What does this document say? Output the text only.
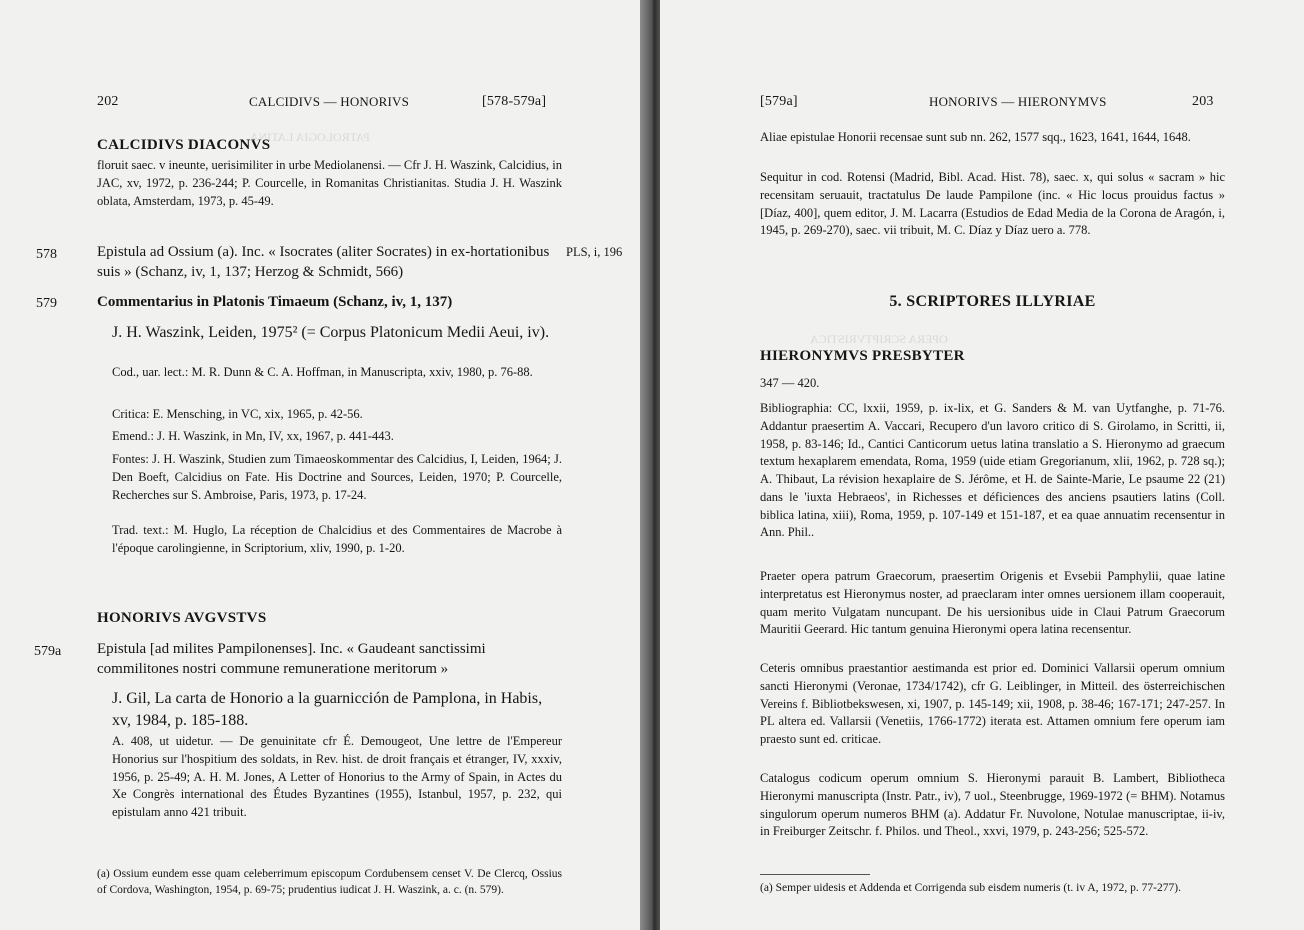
202	CALCIDIVS — HONORIVS	[578-579a]
CALCIDIVS DIACONVS
floruit saec. v ineunte, uerisimiliter in urbe Mediolanensi. — Cfr J. H. Waszink, Calcidius, in JAC, xv, 1972, p. 236-244; P. Courcelle, in Romanitas Christianitas. Studia J. H. Waszink oblata, Amsterdam, 1973, p. 45-49.
578	Epistula ad Ossium (a). Inc. « Isocrates (aliter Socrates) in ex-hortationibus suis » (Schanz, iv, 1, 137; Herzog & Schmidt, 566)
PLS, i, 196
579	Commentarius in Platonis Timaeum (Schanz, iv, 1, 137)
J. H. Waszink, Leiden, 1975² (= Corpus Platonicum Medii Aeui, iv).
Cod., uar. lect.: M. R. Dunn & C. A. Hoffman, in Manuscripta, xxiv, 1980, p. 76-88.
Critica: E. Mensching, in VC, xix, 1965, p. 42-56.
Emend.: J. H. Waszink, in Mn, IV, xx, 1967, p. 441-443.
Fontes: J. H. Waszink, Studien zum Timaeoskommentar des Calcidius, I, Leiden, 1964; J. Den Boeft, Calcidius on Fate. His Doctrine and Sources, Leiden, 1970; P. Courcelle, Recherches sur S. Ambroise, Paris, 1973, p. 17-24.
Trad. text.: M. Huglo, La réception de Chalcidius et des Commentaires de Macrobe à l'époque carolingienne, in Scriptorium, xliv, 1990, p. 1-20.
HONORIVS AVGVSTVS
579a Epistula [ad milites Pampilonenses]. Inc. « Gaudeant sanctissimi commilitones nostri commune remuneratione meritorum »
J. Gil, La carta de Honorio a la guarnicción de Pamplona, in Habis, xv, 1984, p. 185-188.
A. 408, ut uidetur. — De genuinitate cfr É. Demougeot, Une lettre de l'Empereur Honorius sur l'hospitium des soldats, in Rev. hist. de droit français et étranger, IV, xxxiv, 1956, p. 25-49; A. H. M. Jones, A Letter of Honorius to the Army of Spain, in Actes du Xe Congrès international des Études Byzantines (1955), Istanbul, 1957, p. 232, qui epistulam anno 421 tribuit.
(a) Ossium eundem esse quam celeberrimum episcopum Cordubensem censet V. De Clercq, Ossius of Cordova, Washington, 1954, p. 69-75; prudentius iudicat J. H. Waszink, a. c. (n. 579).
PATROLOGIA LATINA
[579a]	HONORIVS — HIERONYMVS	203
Aliae epistulae Honorii recensae sunt sub nn. 262, 1577 sqq., 1623, 1641, 1644, 1648.
Sequitur in cod. Rotensi (Madrid, Bibl. Acad. Hist. 78), saec. x, qui solus « sacram » hic recensitam seruauit, tractatulus De laude Pampilone (inc. « Hic locus prouidus factus » [Díaz, 400], quem editor, J. M. Lacarra (Estudios de Edad Media de la Corona de Aragón, i, 1945, p. 269-270), saec. vii tribuit, M. C. Díaz y Díaz uero a. 778.
5. SCRIPTORES ILLYRIAE
HIERONYMVS PRESBYTER
347 — 420.
Bibliographia: CC, lxxii, 1959, p. ix-lix, et G. Sanders & M. van Uytfanghe, p. 71-76. Addantur praesertim A. Vaccari, Recupero d'un lavoro critico di S. Girolamo, in Scritti, ii, 1958, p. 83-146; Id., Cantici Canticorum uetus latina translatio a S. Hieronymo ad graecum textum hexaplarem emendata, Roma, 1959 (uide etiam Gregorianum, xlii, 1962, p. 728 sq.); A. Thibaut, La révision hexaplaire de S. Jérôme, et H. de Sainte-Marie, Le psaume 22 (21) dans le 'iuxta Hebraeos', in Richesses et déficiences des anciens psautiers latins (Coll. biblica latina, xiii), Roma, 1959, p. 107-149 et 151-187, et ea quae annuatim recensentur in Ann. Phil..
Praeter opera patrum Graecorum, praesertim Origenis et Evsebii Pamphylii, quae latine interpretatus est Hieronymus noster, ad praeclaram inter omnes uersionem illam cooperauit, quam merito Vulgatam nuncupant. De his uersionibus uide in Claui Patrum Graecorum Mauritii Geerard. Hic tantum genuina Hieronymi opera latina recensentur.
Ceteris omnibus praestantior aestimanda est prior ed. Dominici Vallarsii operum omnium sancti Hieronymi (Veronae, 1734/1742), cfr G. Leiblinger, in Mitteil. des österreichischen Vereins f. Bibliotbekswesen, xi, 1907, p. 145-149; xii, 1908, p. 38-46; 167-171; 247-257. In PL altera ed. Vallarsii (Venetiis, 1766-1772) iterata est. Attamen omnium fere operum iam praesto sunt ed. criticae.
Catalogus codicum operum omnium S. Hieronymi parauit B. Lambert, Bibliotheca Hieronymi manuscripta (Instr. Patr., iv), 7 uol., Steenbrugge, 1969-1972 (= BHM). Notamus singulorum operum numeros BHM (a). Addatur Fr. Nuvolone, Notulae manuscriptae, ii-iv, in Freiburger Zeitschr. f. Philos. und Theol., xxvi, 1979, p. 243-256; 525-572.
(a) Semper uidesis et Addenda et Corrigenda sub eisdem numeris (t. iv A, 1972, p. 77-277).
OPERA SCRIPTVRISTICA
